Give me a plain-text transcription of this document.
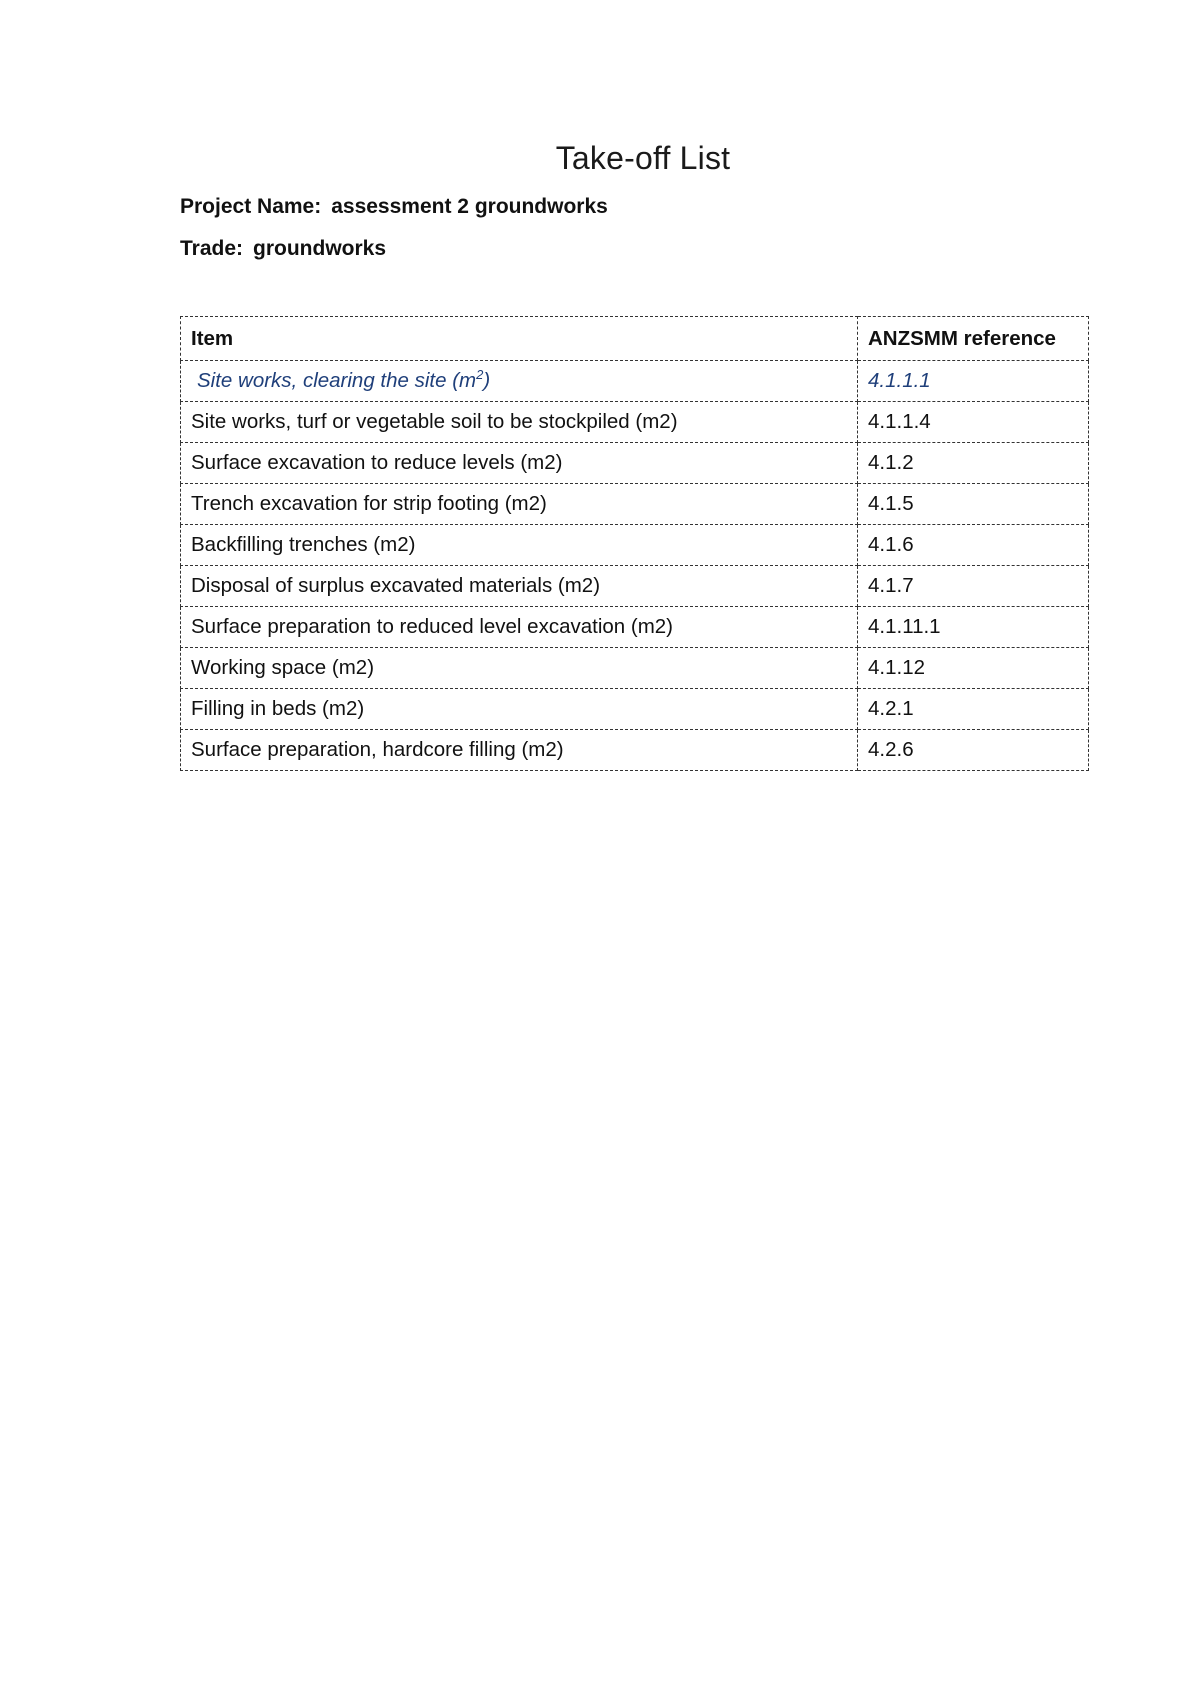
Take-off List
Project Name: assessment 2 groundworks
Trade: groundworks
Item	ANZSMM reference
Site works, clearing the site $(m^2)$	4.1.1.1
Site works, turf or vegetable soil to be stockpiled (m2)	4.1.1.4
Surface excavation to reduce levels (m2)	4.1.2
Trench excavation for strip footing (m2)	4.1.5
Backfilling trenches (m2)	4.1.6
Disposal of surplus excavated materials (m2)	4.1.7
Surface preparation to reduced level excavation (m2)	4.1.11.1
Working space (m2)	4.1.12
Filling in beds (m2)	4.2.1
Surface preparation, hardcore filling (m2)	4.2.6
